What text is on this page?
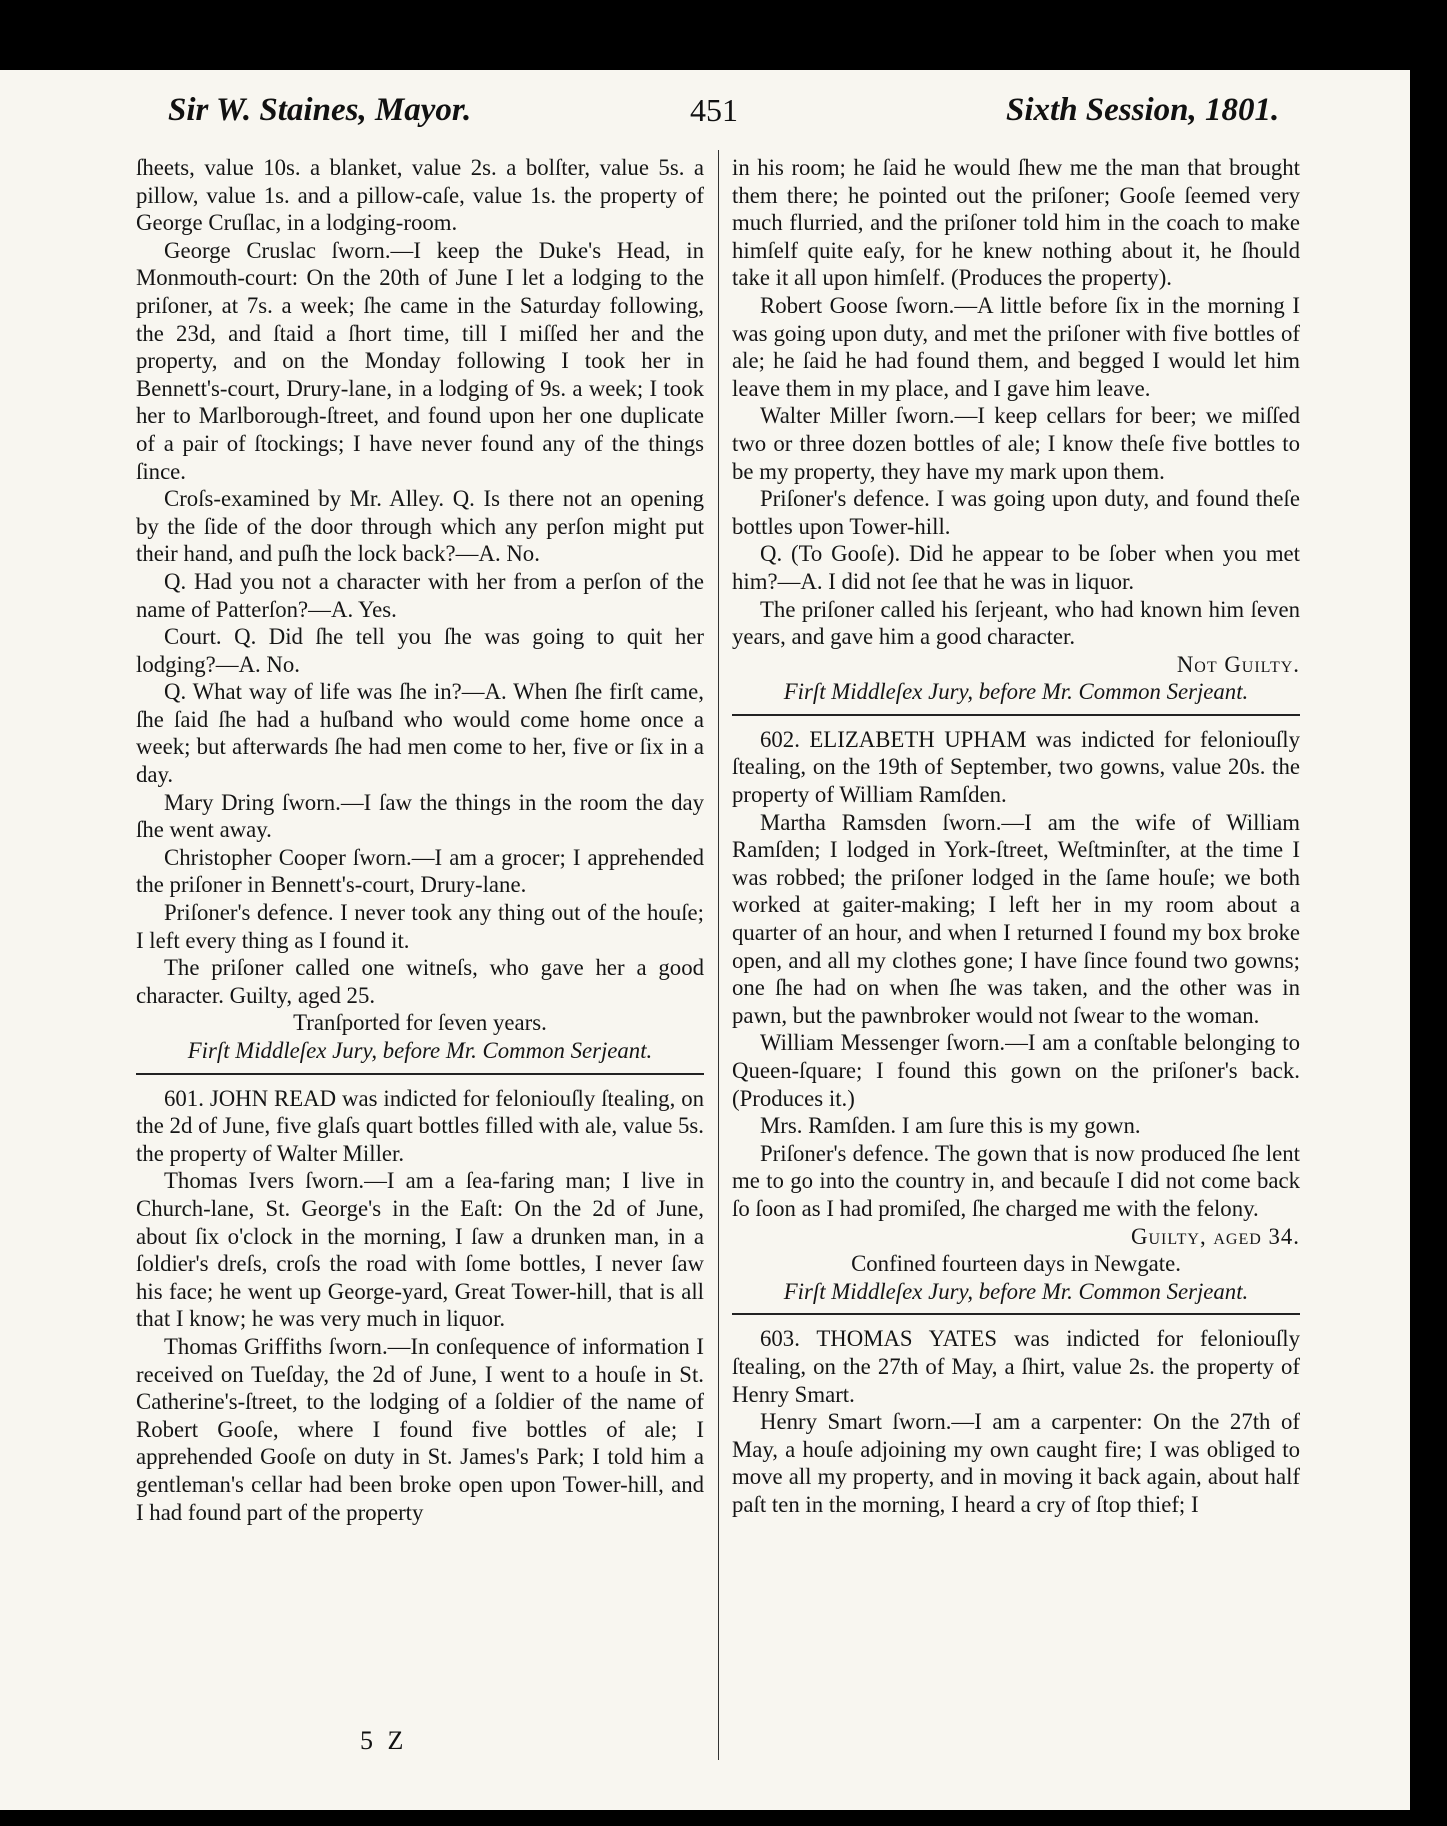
Sir W. Staines, Mayor.	451	Sixth Session, 1801.

ſheets, value 10s. a blanket, value 2s. a bolſter, value 5s. a pillow, value 1s. and a pillow-caſe, value 1s. the property of George Cruſlac, in a lodging-room.

George Cruslac ſworn.—I keep the Duke's Head, in Monmouth-court: On the 20th of June I let a lodging to the priſoner, at 7s. a week; ſhe came in the Saturday following, the 23d, and ſtaid a ſhort time, till I miſſed her and the property, and on the Monday following I took her in Bennett's-court, Drury-lane, in a lodging of 9s. a week; I took her to Marlborough-ſtreet, and found upon her one duplicate of a pair of ſtockings; I have never found any of the things ſince.

Croſs-examined by Mr. Alley. Q. Is there not an opening by the ſide of the door through which any perſon might put their hand, and puſh the lock back?—A. No.

Q. Had you not a character with her from a perſon of the name of Patterſon?—A. Yes.

Court. Q. Did ſhe tell you ſhe was going to quit her lodging?—A. No.

Q. What way of life was ſhe in?—A. When ſhe firſt came, ſhe ſaid ſhe had a huſband who would come home once a week; but afterwards ſhe had men come to her, five or ſix in a day.

Mary Dring ſworn.—I ſaw the things in the room the day ſhe went away.

Christopher Cooper ſworn.—I am a grocer; I apprehended the priſoner in Bennett's-court, Drury-lane.

Priſoner's defence. I never took any thing out of the houſe; I left every thing as I found it.

The priſoner called one witneſs, who gave her a good character. Guilty, aged 25.

Tranſported for ſeven years.

Firſt Middleſex Jury, before Mr. Common Serjeant.

601. JOHN READ was indicted for feloniouſly ſtealing, on the 2d of June, five glaſs quart bottles filled with ale, value 5s. the property of Walter Miller.

Thomas Ivers ſworn.—I am a ſea-faring man; I live in Church-lane, St. George's in the Eaſt: On the 2d of June, about ſix o'clock in the morning, I ſaw a drunken man, in a ſoldier's dreſs, croſs the road with ſome bottles, I never ſaw his face; he went up George-yard, Great Tower-hill, that is all that I know; he was very much in liquor.

Thomas Griffiths ſworn.—In conſequence of information I received on Tueſday, the 2d of June, I went to a houſe in St. Catherine's-ſtreet, to the lodging of a ſoldier of the name of Robert Gooſe, where I found five bottles of ale; I apprehended Gooſe on duty in St. James's Park; I told him a gentleman's cellar had been broke open upon Tower-hill, and I had found part of the property

in his room; he ſaid he would ſhew me the man that brought them there; he pointed out the priſoner; Gooſe ſeemed very much flurried, and the priſoner told him in the coach to make himſelf quite eaſy, for he knew nothing about it, he ſhould take it all upon himſelf. (Produces the property).

Robert Goose ſworn.—A little before ſix in the morning I was going upon duty, and met the priſoner with five bottles of ale; he ſaid he had found them, and begged I would let him leave them in my place, and I gave him leave.

Walter Miller ſworn.—I keep cellars for beer; we miſſed two or three dozen bottles of ale; I know theſe five bottles to be my property, they have my mark upon them.

Priſoner's defence. I was going upon duty, and found theſe bottles upon Tower-hill.

Q. (To Gooſe). Did he appear to be ſober when you met him?—A. I did not ſee that he was in liquor.

The priſoner called his ſerjeant, who had known him ſeven years, and gave him a good character.

Not Guilty.

Firſt Middleſex Jury, before Mr. Common Serjeant.

602. ELIZABETH UPHAM was indicted for feloniouſly ſtealing, on the 19th of September, two gowns, value 20s. the property of William Ramſden.

Martha Ramsden ſworn.—I am the wife of William Ramſden; I lodged in York-ſtreet, Weſtminſter, at the time I was robbed; the priſoner lodged in the ſame houſe; we both worked at gaiter-making; I left her in my room about a quarter of an hour, and when I returned I found my box broke open, and all my clothes gone; I have ſince found two gowns; one ſhe had on when ſhe was taken, and the other was in pawn, but the pawnbroker would not ſwear to the woman.

William Messenger ſworn.—I am a conſtable belonging to Queen-ſquare; I found this gown on the priſoner's back. (Produces it.)

Mrs. Ramſden. I am ſure this is my gown.

Priſoner's defence. The gown that is now produced ſhe lent me to go into the country in, and becauſe I did not come back ſo ſoon as I had promiſed, ſhe charged me with the felony.

Guilty, aged 34.

Confined fourteen days in Newgate.

Firſt Middleſex Jury, before Mr. Common Serjeant.

603. THOMAS YATES was indicted for feloniouſly ſtealing, on the 27th of May, a ſhirt, value 2s. the property of Henry Smart.

Henry Smart ſworn.—I am a carpenter: On the 27th of May, a houſe adjoining my own caught fire; I was obliged to move all my property, and in moving it back again, about half paſt ten in the morning, I heard a cry of ſtop thief; I

5 Z
